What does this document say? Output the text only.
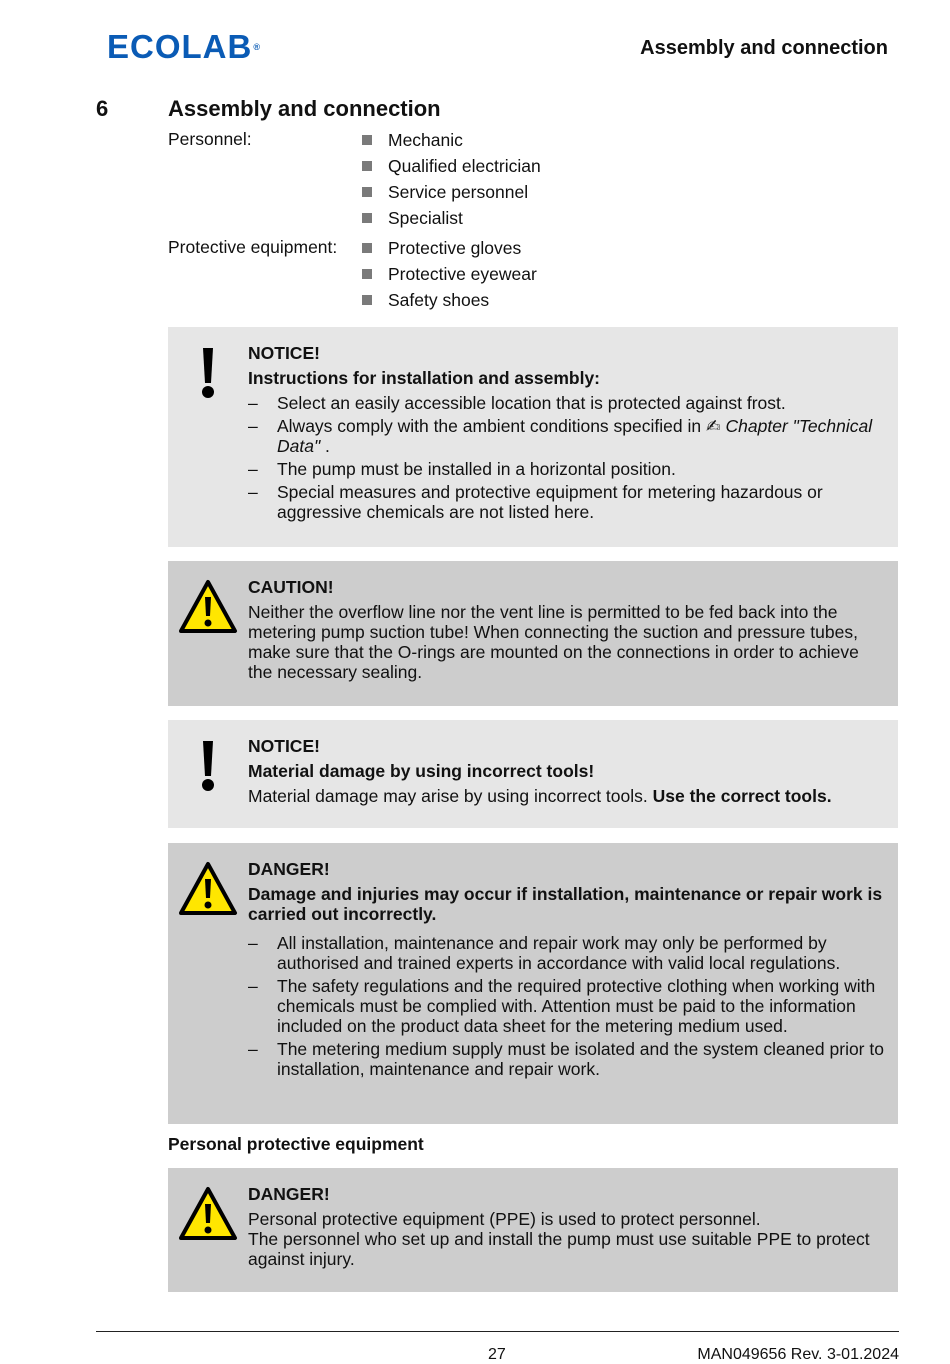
ECOLAB®	Assembly and connection
6	Assembly and connection
Personnel:	Mechanic
Qualified electrician
Service personnel
Specialist
Protective equipment:	Protective gloves
Protective eyewear
Safety shoes

NOTICE!

Instructions for installation and assembly:

– Select an easily accessible location that is protected against frost.
– Always comply with the ambient conditions specified in ✍ Chapter "Technical Data" .
– The pump must be installed in a horizontal position.
– Special measures and protective equipment for metering hazardous or aggressive chemicals are not listed here.

CAUTION!

Neither the overflow line nor the vent line is permitted to be fed back into the metering pump suction tube! When connecting the suction and pressure tubes, make sure that the O-rings are mounted on the connections in order to achieve the necessary sealing.

NOTICE!

Material damage by using incorrect tools!

Material damage may arise by using incorrect tools. Use the correct tools.

DANGER!

Damage and injuries may occur if installation, maintenance or repair work is carried out incorrectly.

– All installation, maintenance and repair work may only be performed by authorised and trained experts in accordance with valid local regulations.
– The safety regulations and the required protective clothing when working with chemicals must be complied with. Attention must be paid to the information included on the product data sheet for the metering medium used.
– The metering medium supply must be isolated and the system cleaned prior to installation, maintenance and repair work.
Personal protective equipment

DANGER!

Personal protective equipment (PPE) is used to protect personnel.

The personnel who set up and install the pump must use suitable PPE to protect against injury.

27	MAN049656 Rev. 3-01.2024
